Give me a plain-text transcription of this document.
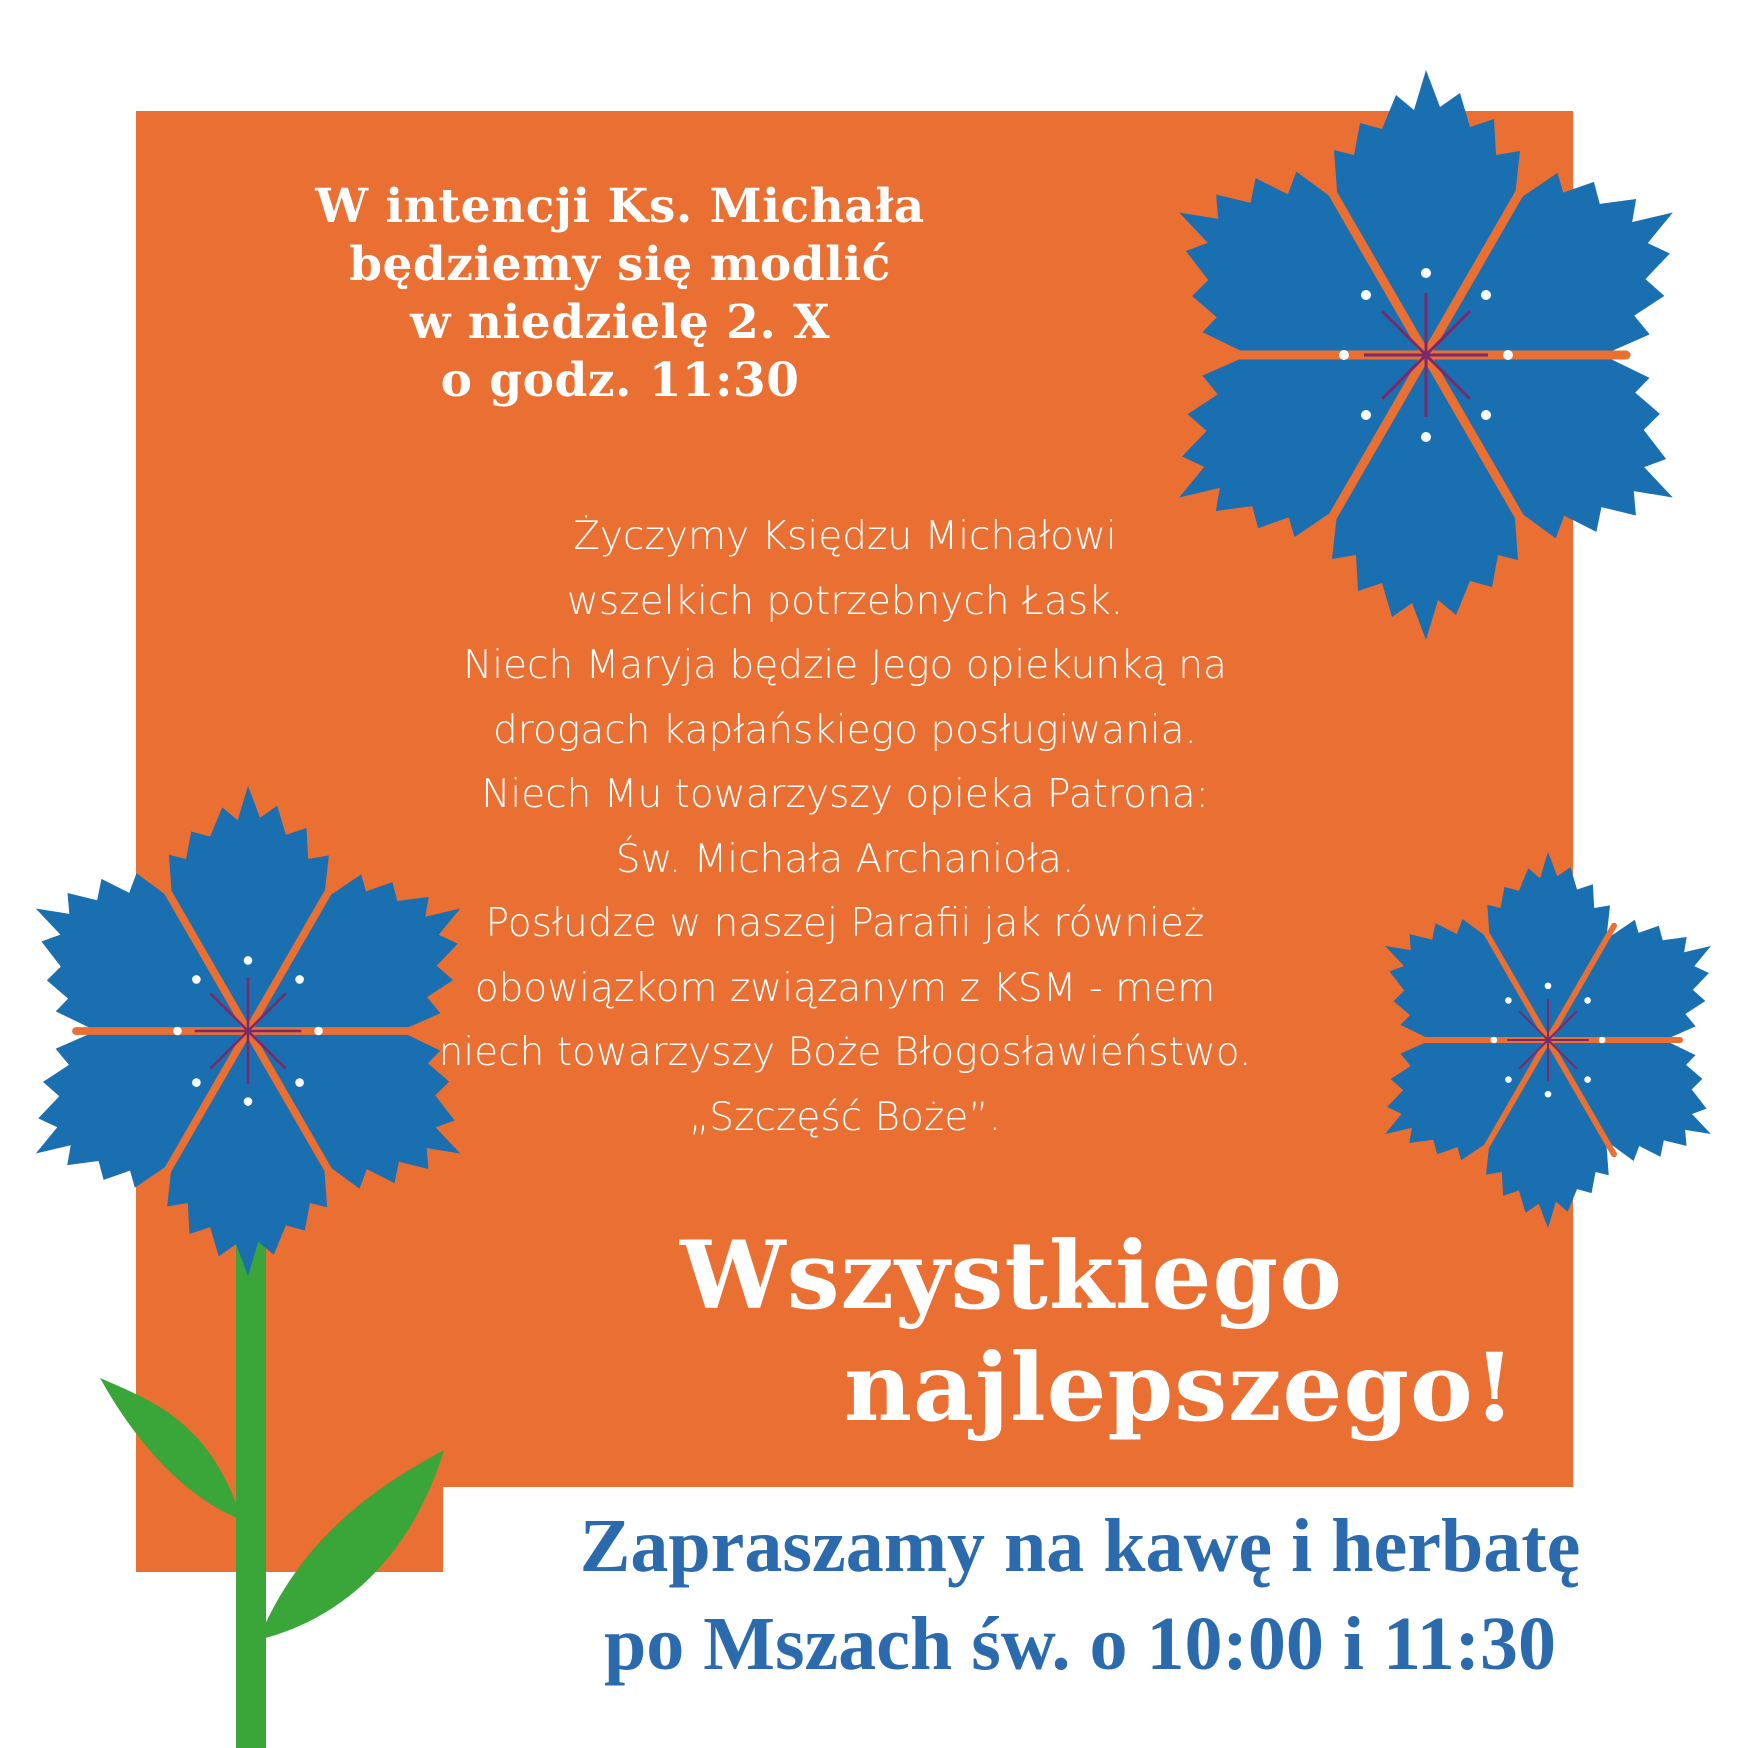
W intencji Ks. Michała
będziemy się modlić
w niedzielę 2. X
o godz. 11:30
Życzymy Księdzu Michałowi
wszelkich potrzebnych Łask.
Niech Maryja będzie Jego opiekunką na
drogach kapłańskiego posługiwania.
Niech Mu towarzyszy opieka Patrona:
Św. Michała Archanioła.
Posłudze w naszej Parafii jak również
obowiązkom związanym z KSM - mem
niech towarzyszy Boże Błogosławieństwo.
„Szczęść Boże”.
Wszystkiego
najlepszego!
Zapraszamy na kawę i herbatę
po Mszach św. o 10:00 i 11:30
